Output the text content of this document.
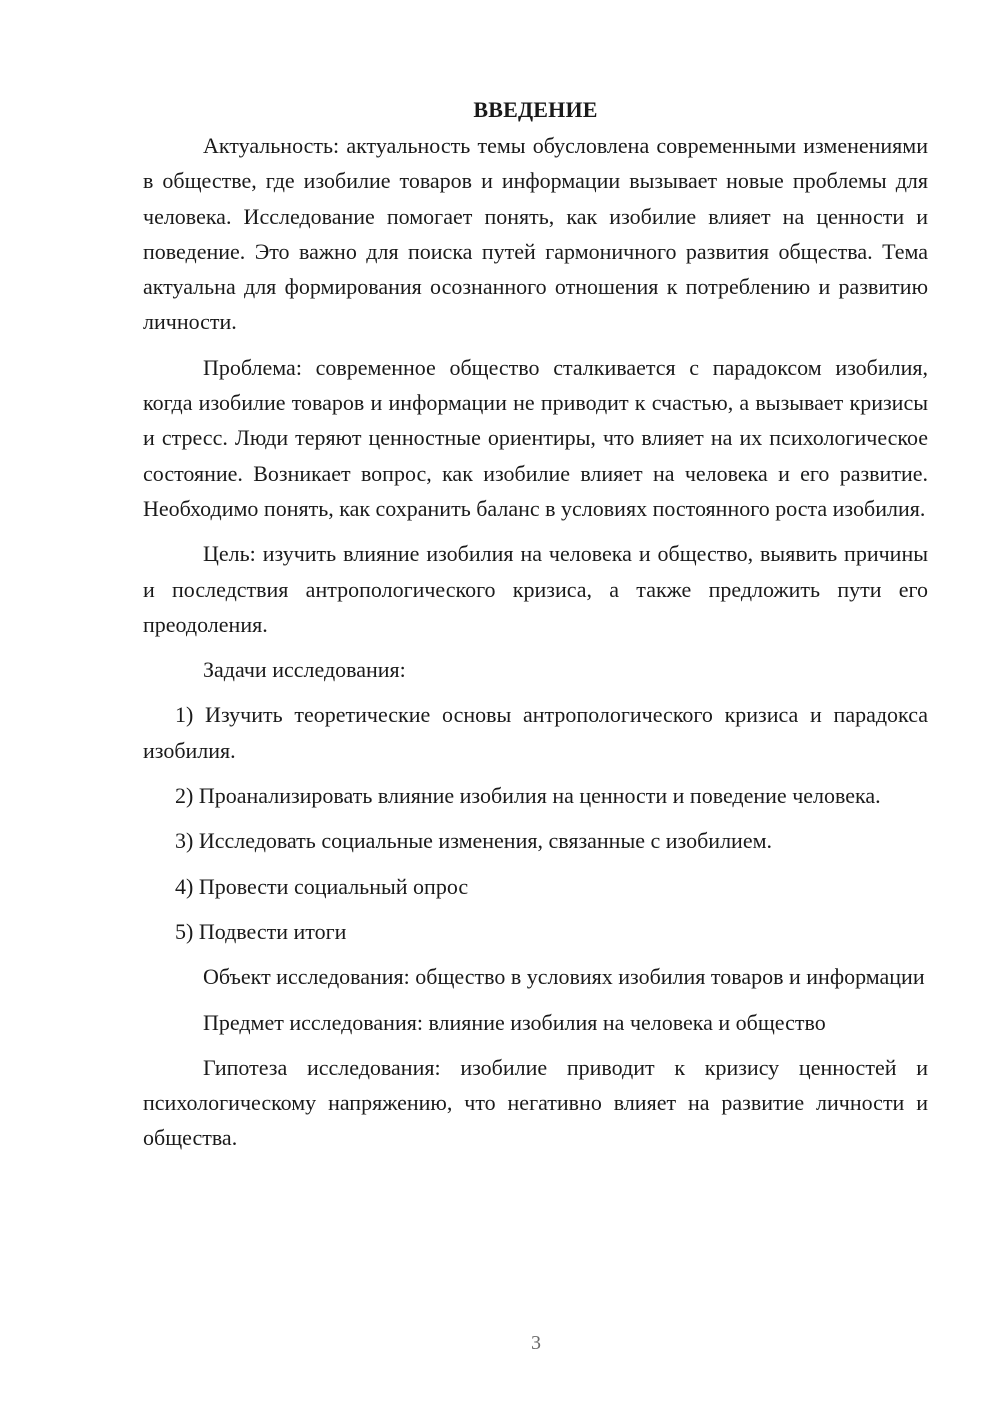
ВВЕДЕНИЕ

Актуальность: актуальность темы обусловлена современными изменениями в обществе, где изобилие товаров и информации вызывает новые проблемы для человека. Исследование помогает понять, как изобилие влияет на ценности и поведение. Это важно для поиска путей гармоничного развития общества. Тема актуальна для формирования осознанного отношения к потреблению и развитию личности.

Проблема: современное общество сталкивается с парадоксом изобилия, когда изобилие товаров и информации не приводит к счастью, а вызывает кризисы и стресс. Люди теряют ценностные ориентиры, что влияет на их психологическое состояние. Возникает вопрос, как изобилие влияет на человека и его развитие. Необходимо понять, как сохранить баланс в условиях постоянного роста изобилия.

Цель: изучить влияние изобилия на человека и общество, выявить причины и последствия антропологического кризиса, а также предложить пути его преодоления.

Задачи исследования:

1) Изучить теоретические основы антропологического кризиса и парадокса изобилия.

2) Проанализировать влияние изобилия на ценности и поведение человека.

3) Исследовать социальные изменения, связанные с изобилием.

4) Провести социальный опрос

5) Подвести итоги

Объект исследования: общество в условиях изобилия товаров и информации

Предмет исследования: влияние изобилия на человека и общество

Гипотеза исследования: изобилие приводит к кризису ценностей и психологическому напряжению, что негативно влияет на развитие личности и общества.

3
